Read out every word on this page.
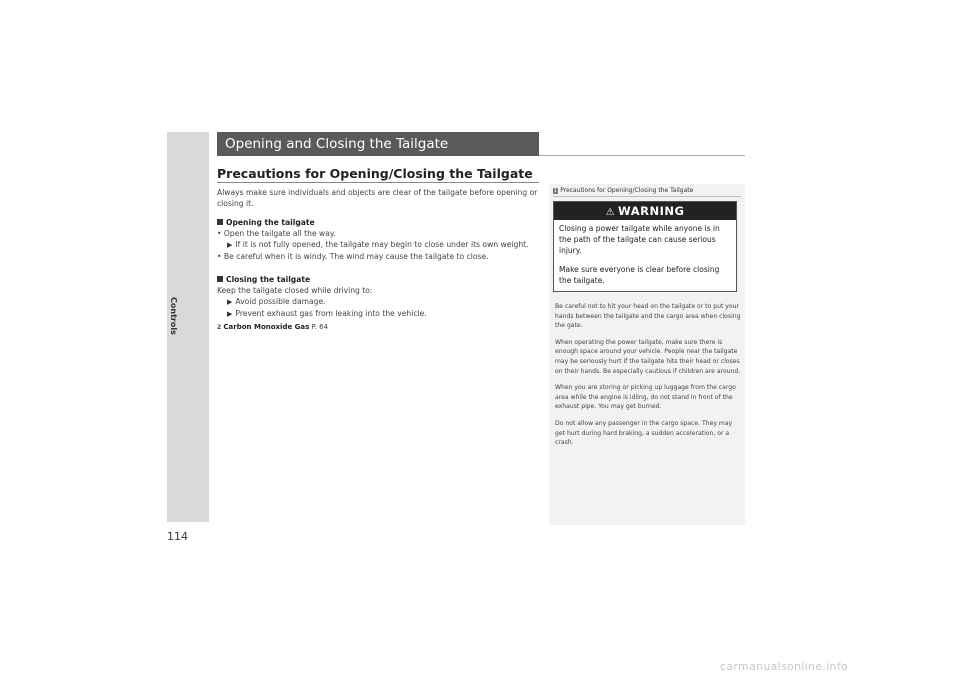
Controls
114
Opening and Closing the Tailgate
Precautions for Opening/Closing the Tailgate

Always make sure individuals and objects are clear of the tailgate before opening or closing it.

Opening the tailgate

• Open the tailgate all the way.

▶ If it is not fully opened, the tailgate may begin to close under its own weight.

• Be careful when it is windy. The wind may cause the tailgate to close.

Closing the tailgate

Keep the tailgate closed while driving to:

▶ Avoid possible damage.

▶ Prevent exhaust gas from leaking into the vehicle.

2 Carbon Monoxide Gas P. 64

1 Precautions for Opening/Closing the Tailgate
⚠ WARNING

Closing a power tailgate while anyone is in the path of the tailgate can cause serious injury.

Make sure everyone is clear before closing the tailgate.

Be careful not to hit your head on the tailgate or to put your hands between the tailgate and the cargo area when closing the gate.

When operating the power tailgate, make sure there is enough space around your vehicle. People near the tailgate may be seriously hurt if the tailgate hits their head or closes on their hands. Be especially cautious if children are around.

When you are storing or picking up luggage from the cargo area while the engine is idling, do not stand in front of the exhaust pipe. You may get burned.

Do not allow any passenger in the cargo space. They may get hurt during hard braking, a sudden acceleration, or a crash.

carmanualsonline.info
